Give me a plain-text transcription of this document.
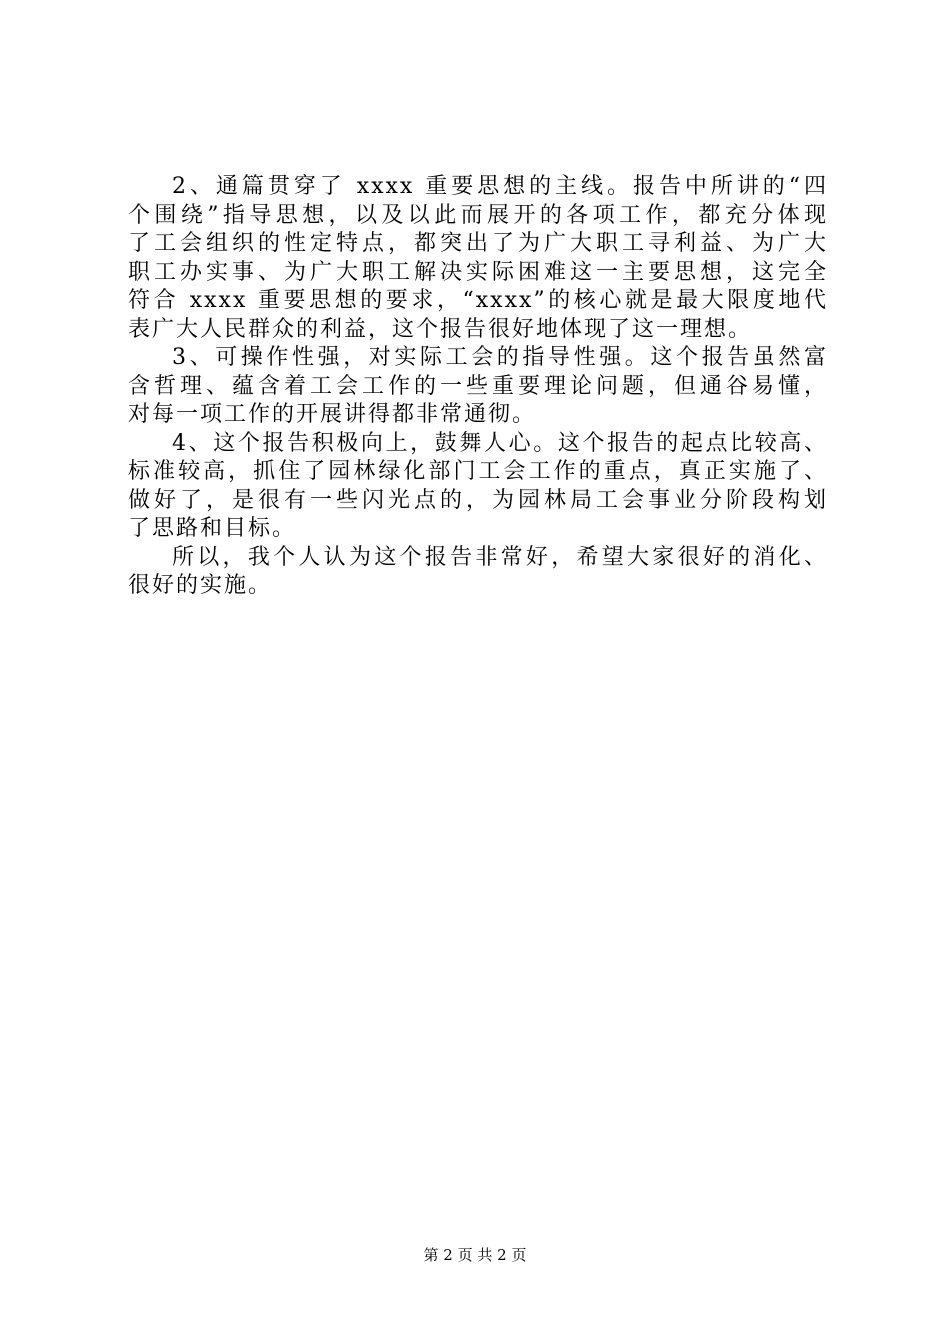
2、通篇贯穿了 xxxx 重要思想的主线。报告中所讲的“四
个围绕”指导思想，以及以此而展开的各项工作，都充分体现
了工会组织的性定特点，都突出了为广大职工寻利益、为广大
职工办实事、为广大职工解决实际困难这一主要思想，这完全
符合 xxxx 重要思想的要求，“xxxx”的核心就是最大限度地代
表广大人民群众的利益，这个报告很好地体现了这一理想。
3、可操作性强，对实际工会的指导性强。这个报告虽然富
含哲理、蕴含着工会工作的一些重要理论问题，但通谷易懂，
对每一项工作的开展讲得都非常通彻。
4、这个报告积极向上，鼓舞人心。这个报告的起点比较高、
标准较高，抓住了园林绿化部门工会工作的重点，真正实施了、
做好了，是很有一些闪光点的，为园林局工会事业分阶段构划
了思路和目标。
所以，我个人认为这个报告非常好，希望大家很好的消化、
很好的实施。
第 2 页 共 2 页
